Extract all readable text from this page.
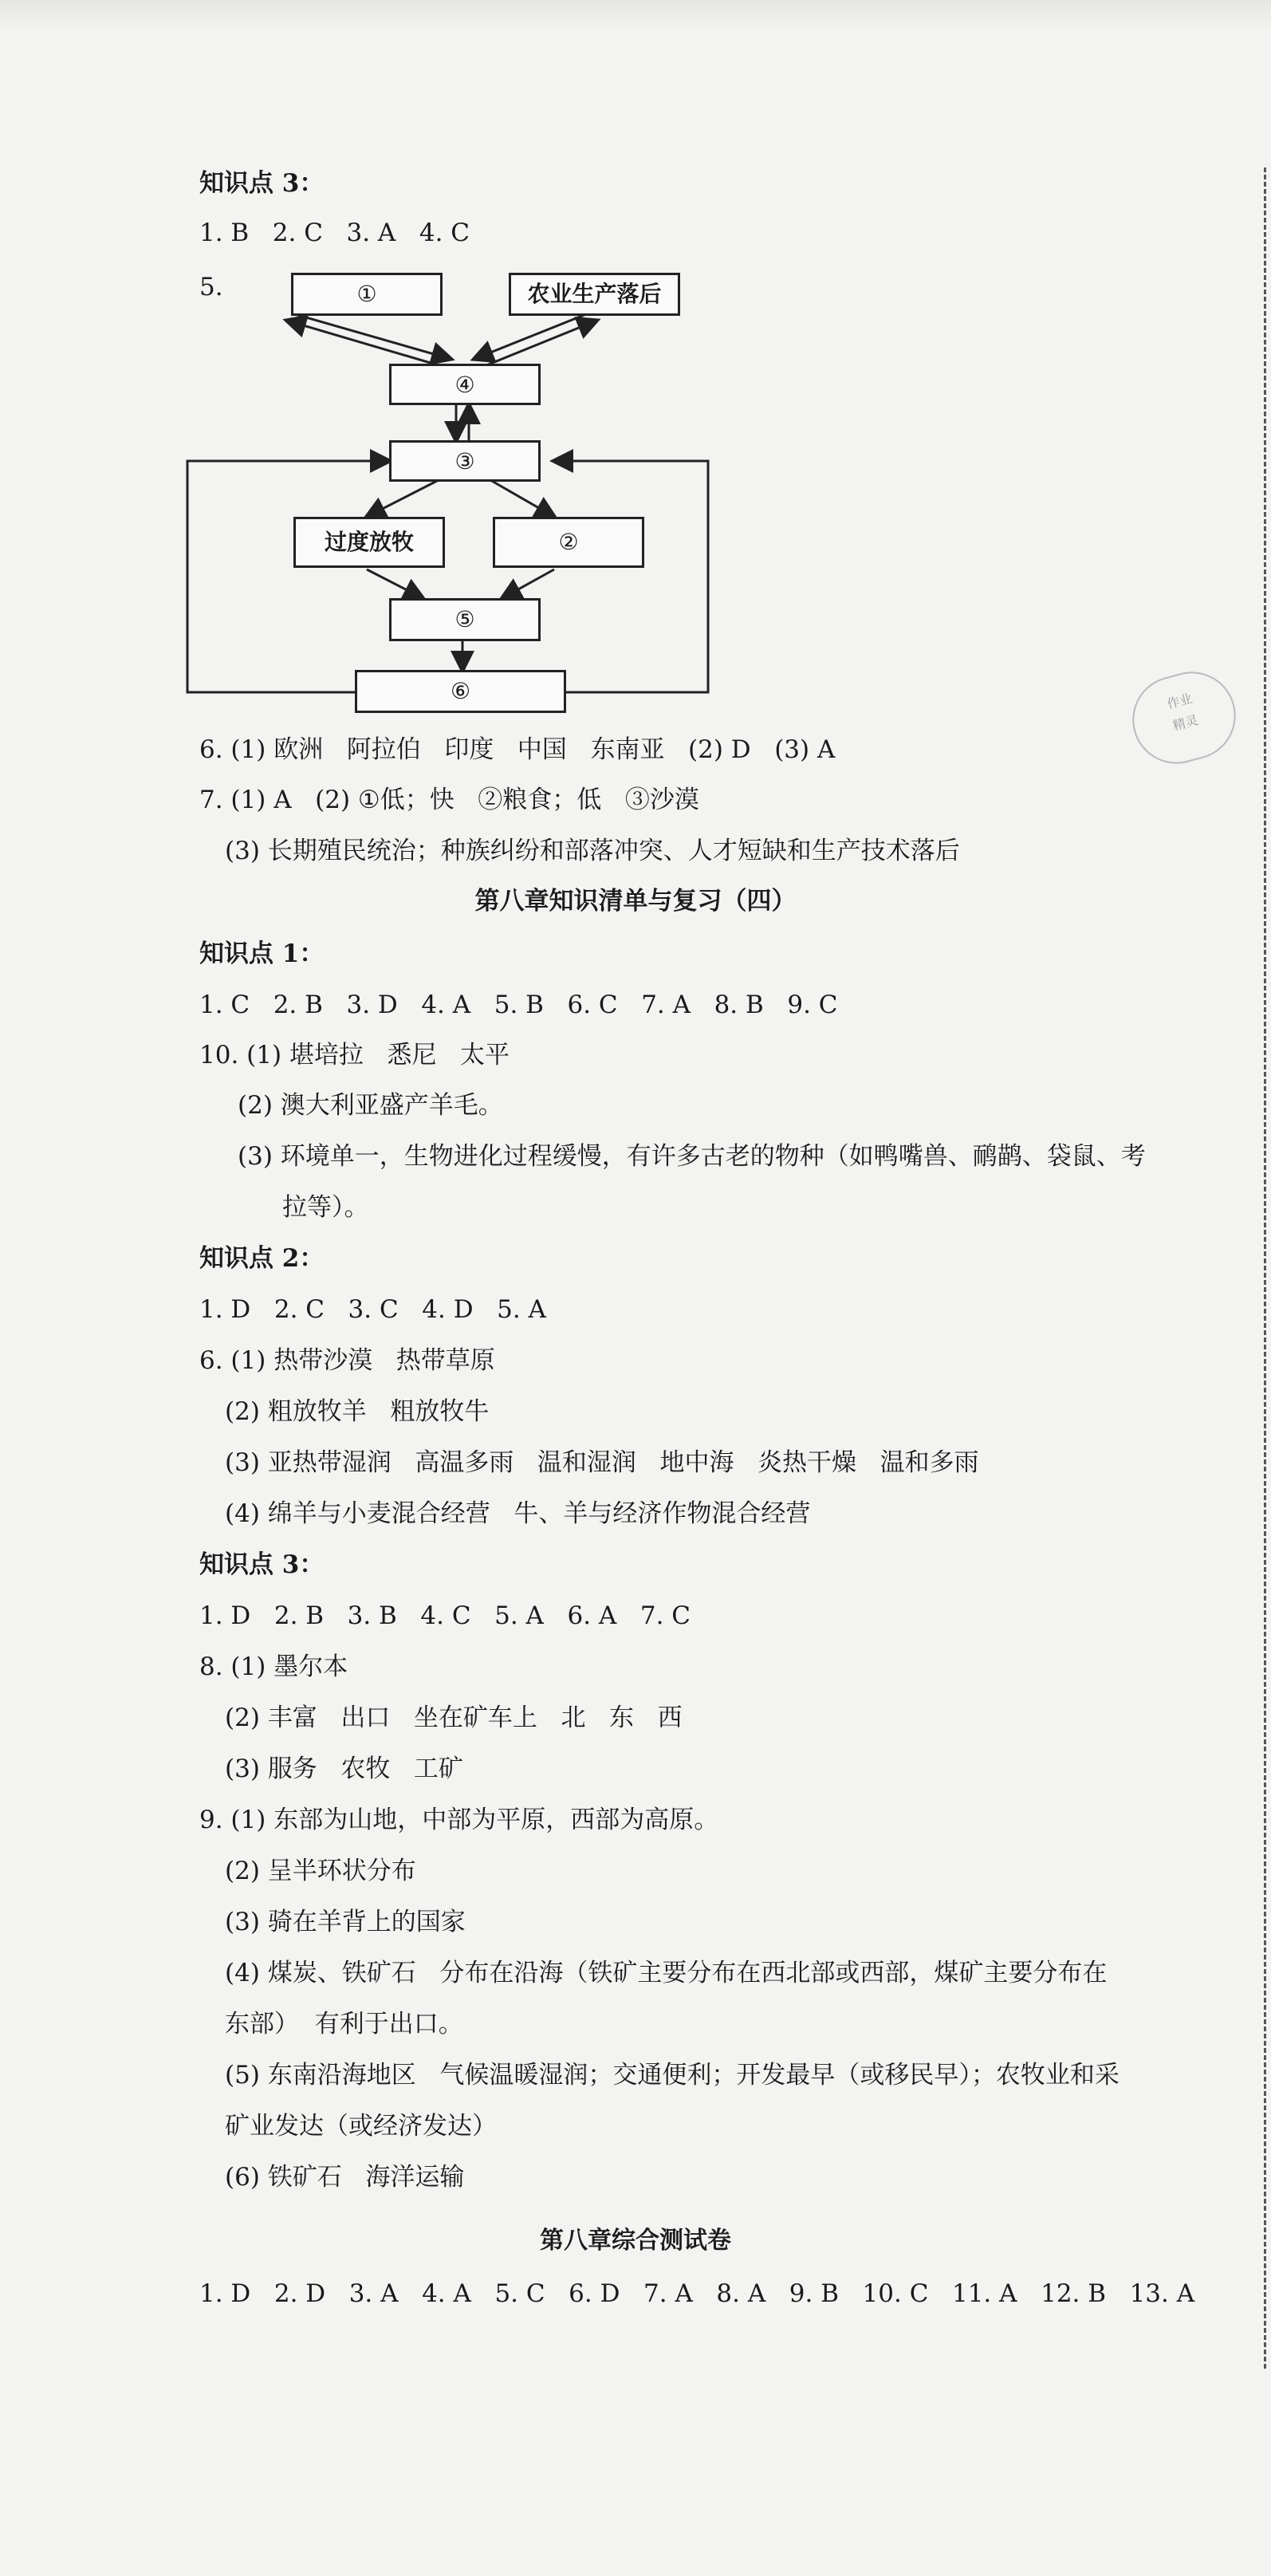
知识点 3：
1. B   2. C   3. A   4. C
5.	①	农业生产落后
④
③
过度放牧	②
⑤
⑥
6. (1) 欧洲   阿拉伯   印度   中国   东南亚   (2) D   (3) A
7. (1) A   (2) ①低；快   ②粮食；低   ③沙漠
(3) 长期殖民统治；种族纠纷和部落冲突、人才短缺和生产技术落后
第八章知识清单与复习（四）
知识点 1：
1. C   2. B   3. D   4. A   5. B   6. C   7. A   8. B   9. C
10. (1) 堪培拉   悉尼   太平
(2) 澳大利亚盛产羊毛。
(3) 环境单一，生物进化过程缓慢，有许多古老的物种（如鸭嘴兽、鸸鹋、袋鼠、考
拉等）。
知识点 2：
1. D   2. C   3. C   4. D   5. A
6. (1) 热带沙漠   热带草原
(2) 粗放牧羊   粗放牧牛
(3) 亚热带湿润   高温多雨   温和湿润   地中海   炎热干燥   温和多雨
(4) 绵羊与小麦混合经营   牛、羊与经济作物混合经营
知识点 3：
1. D   2. B   3. B   4. C   5. A   6. A   7. C
8. (1) 墨尔本
(2) 丰富   出口   坐在矿车上   北   东   西
(3) 服务   农牧   工矿
9. (1) 东部为山地，中部为平原，西部为高原。
(2) 呈半环状分布
(3) 骑在羊背上的国家
(4) 煤炭、铁矿石   分布在沿海（铁矿主要分布在西北部或西部，煤矿主要分布在
东部）  有利于出口。
(5) 东南沿海地区   气候温暖湿润；交通便利；开发最早（或移民早）；农牧业和采
矿业发达（或经济发达）
(6) 铁矿石   海洋运输
第八章综合测试卷
1. D   2. D   3. A   4. A   5. C   6. D   7. A   8. A   9. B   10. C   11. A   12. B   13. A
作业
精灵
